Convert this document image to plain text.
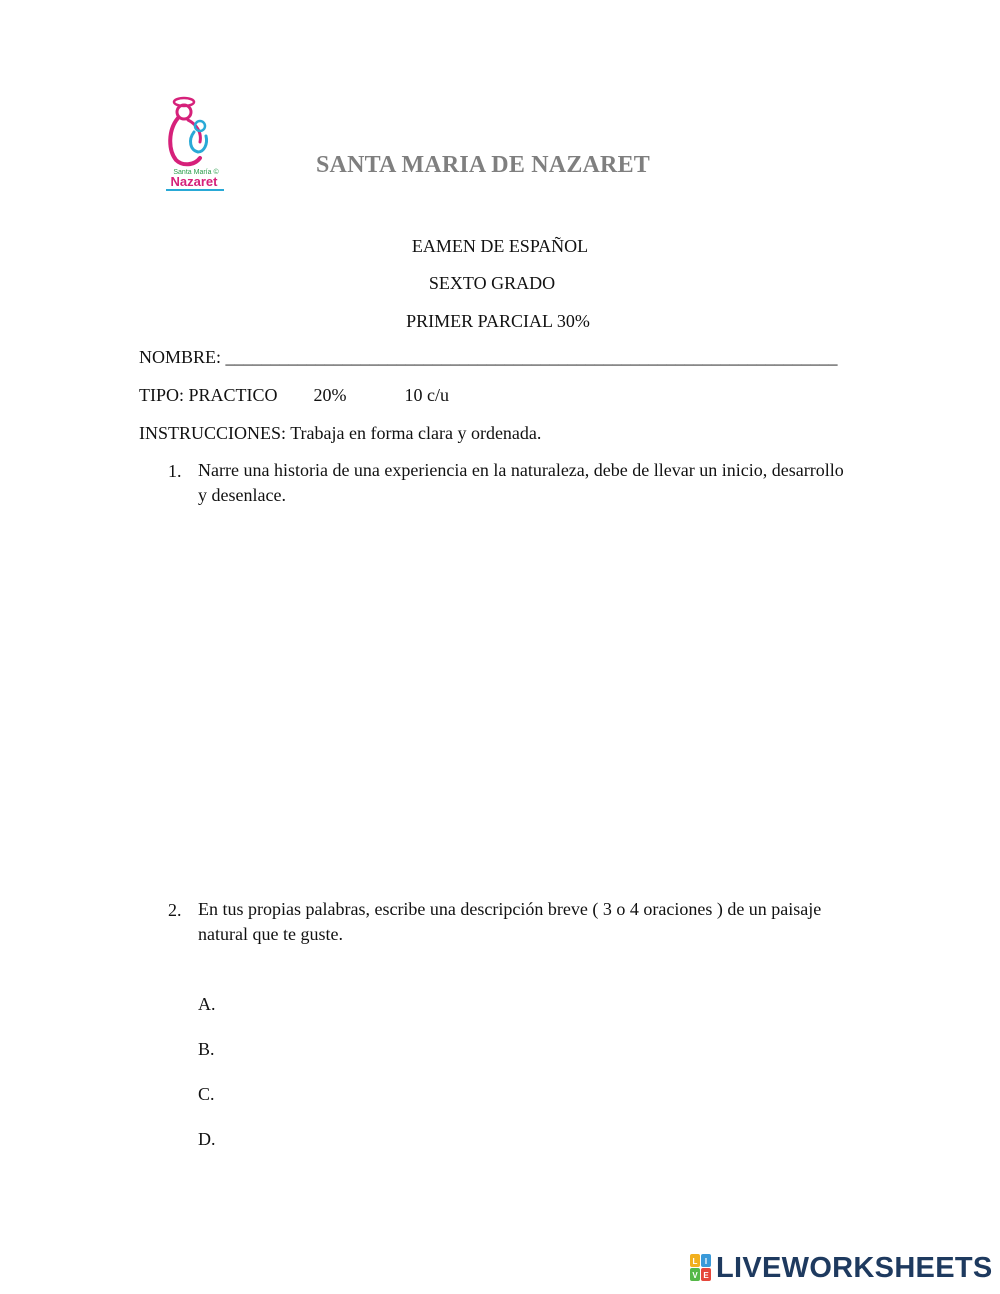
Santa María ©
Nazaret
SANTA MARIA DE NAZARET
EAMEN DE ESPAÑOL
SEXTO GRADO
PRIMER PARCIAL 30%
NOMBRE: ____________________________________________________________________
TIPO: PRACTICO 20%	10 c/u
INSTRUCCIONES: Trabaja en forma clara y ordenada.
1. Narre una historia de una experiencia en la naturaleza, debe de llevar un inicio, desarrollo y desenlace.
2. En tus propias palabras, escribe una descripción breve ( 3 o 4 oraciones ) de un paisaje natural que te guste.
A.
B.
C.
D.
L I
V E LIVEWORKSHEETS
